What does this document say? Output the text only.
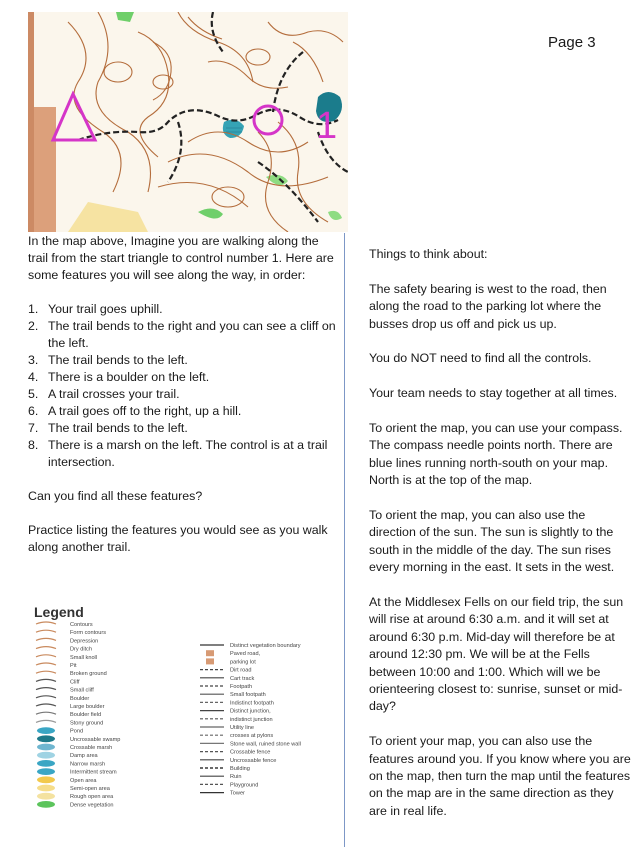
Page 3
1

In the map above, Imagine you are walking along the trail from the start triangle to control number 1. Here are some features you will see along the way, in order:

1. Your trail goes uphill.
2. The trail bends to the right and you can see a cliff on the left.
3. The trail bends to the left.
4. There is a boulder on the left.
5. A trail crosses your trail.
6. A trail goes off to the right, up a hill.
7. The trail bends to the left.
8. There is a marsh on the left. The control is at a trail intersection.

Can you find all these features?

Practice listing the features you would see as you walk along another trail.

Things to think about:

The safety bearing is west to the road, then along the road to the parking lot where the busses drop us off and pick us up.

You do NOT need to find all the controls.

Your team needs to stay together at all times.

To orient the map, you can use your compass. The compass needle points north. There are blue lines running north-south on your map. North is at the top of the map.

To orient the map, you can also use the direction of the sun. The sun is slightly to the south in the middle of the day. The sun rises every morning in the east. It sets in the west.

At the Middlesex Fells on our field trip, the sun will rise at around 6:30 a.m. and it will set at around 6:30 p.m. Mid-day will therefore be at around 12:30 pm. We will be at the Fells between 10:00 and 1:00. Which will we be orienteering closest to: sunrise, sunset or mid-day?

To orient your map, you can also use the features around you. If you know where you are on the map, then turn the map until the features on the map are in the same direction as they are in real life.

Legend
Contours
Form contours
Depression
Dry ditch
Small knoll
Pit
Broken ground
Cliff
Small cliff
Boulder
Large boulder
Boulder field
Stony ground
Pond
Uncrossable swamp
Crossable marsh
Damp area
Narrow marsh
Intermittent stream
Open area
Semi-open area
Rough open area
Dense vegetation
Distinct vegetation boundary
Paved road,
parking lot
Dirt road
Cart track
Footpath
Small footpath
Indistinct footpath
Distinct junction,
indistinct junction
Utility line
crosses at pylons
Stone wall, ruined stone wall
Crossable fence
Uncrossable fence
Building
Ruin
Playground
Tower
